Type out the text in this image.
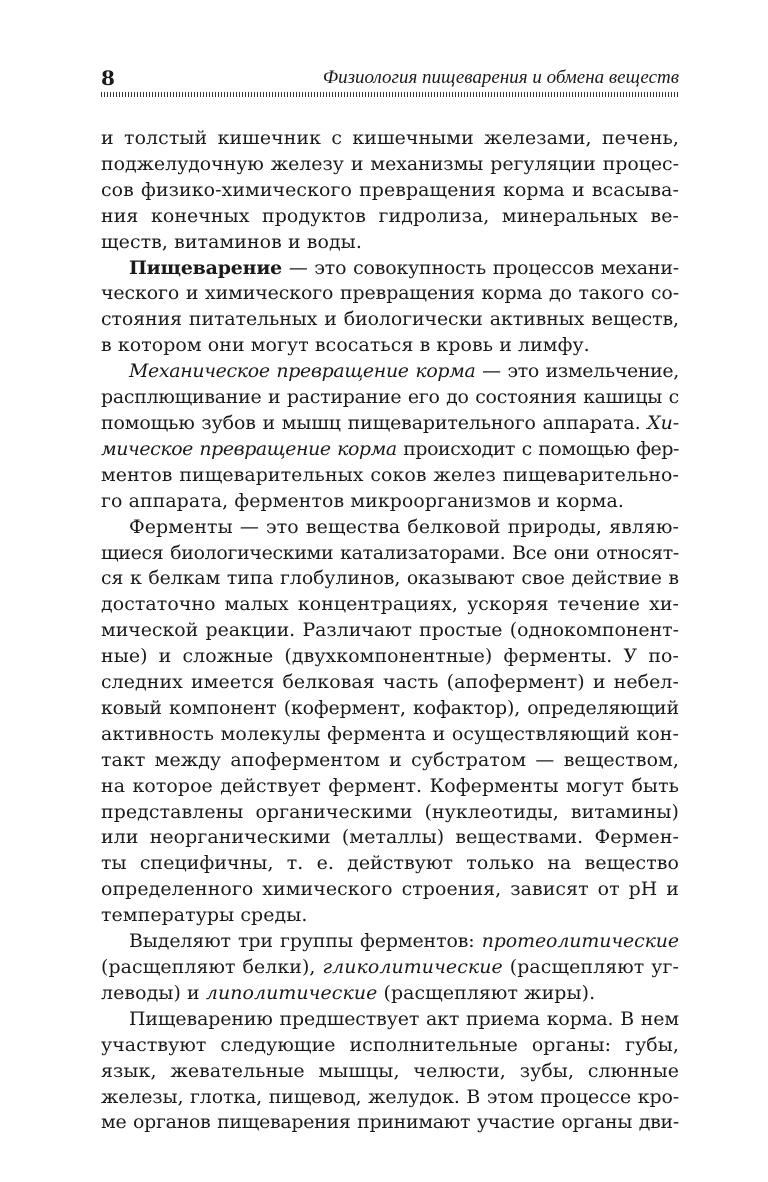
8	Физиология пищеварения и обмена веществ

и толстый кишечник с кишечными железами, печень,
поджелудочную железу и механизмы регуляции процес-
сов физико-химического превращения корма и всасыва-
ния конечных продуктов гидролиза, минеральных ве-
ществ, витаминов и воды.

Пищеварение — это совокупность процессов механи-
ческого и химического превращения корма до такого со-
стояния питательных и биологически активных веществ,
в котором они могут всосаться в кровь и лимфу.

Механическое превращение корма — это измельчение,
расплющивание и растирание его до состояния кашицы с
помощью зубов и мышц пищеварительного аппарата. Хи-
мическое превращение корма происходит с помощью фер-
ментов пищеварительных соков желез пищеварительно-
го аппарата, ферментов микроорганизмов и корма.

Ферменты — это вещества белковой природы, являю-
щиеся биологическими катализаторами. Все они относят-
ся к белкам типа глобулинов, оказывают свое действие в
достаточно малых концентрациях, ускоряя течение хи-
мической реакции. Различают простые (однокомпонент-
ные) и сложные (двухкомпонентные) ферменты. У по-
следних имеется белковая часть (апофермент) и небел-
ковый компонент (кофермент, кофактор), определяющий
активность молекулы фермента и осуществляющий кон-
такт между апоферментом и субстратом — веществом,
на которое действует фермент. Коферменты могут быть
представлены органическими (нуклеотиды, витамины)
или неорганическими (металлы) веществами. Фермен-
ты специфичны, т. е. действуют только на вещество
определенного химического строения, зависят от рН и
температуры среды.

Выделяют три группы ферментов: протеолитические
(расщепляют белки), гликолитические (расщепляют уг-
леводы) и липолитические (расщепляют жиры).

Пищеварению предшествует акт приема корма. В нем
участвуют следующие исполнительные органы: губы,
язык, жевательные мышцы, челюсти, зубы, слюнные
железы, глотка, пищевод, желудок. В этом процессе кро-
ме органов пищеварения принимают участие органы дви-
